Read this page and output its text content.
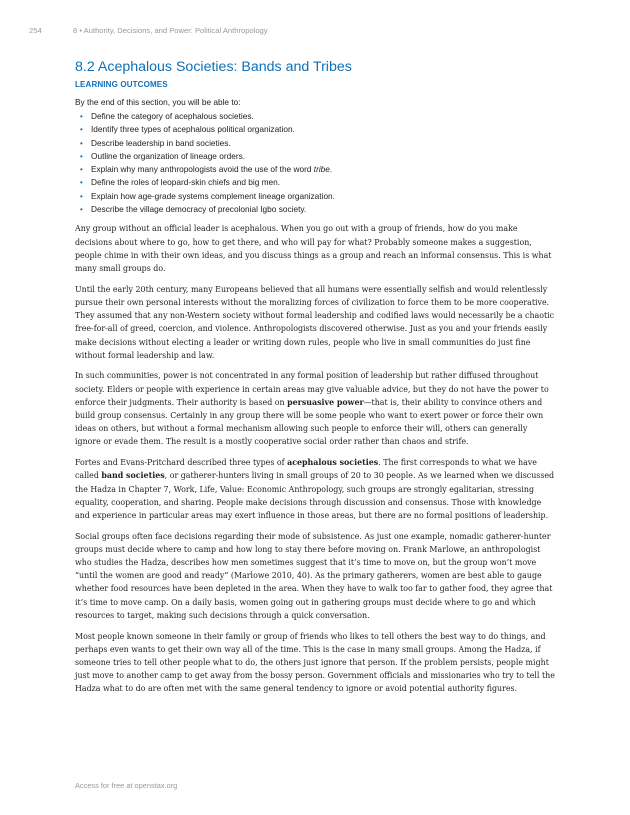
254	8 • Authority, Decisions, and Power: Political Anthropology
8.2 Acephalous Societies: Bands and Tribes
LEARNING OUTCOMES

By the end of this section, you will be able to:

• Define the category of acephalous societies.
• Identify three types of acephalous political organization.
• Describe leadership in band societies.
• Outline the organization of lineage orders.
• Explain why many anthropologists avoid the use of the word tribe.
• Define the roles of leopard-skin chiefs and big men.
• Explain how age-grade systems complement lineage organization.
• Describe the village democracy of precolonial Igbo society.

Any group without an official leader is acephalous. When you go out with a group of friends, how do you make decisions about where to go, how to get there, and who will pay for what? Probably someone makes a suggestion, people chime in with their own ideas, and you discuss things as a group and reach an informal consensus. This is what many small groups do.

Until the early 20th century, many Europeans believed that all humans were essentially selfish and would relentlessly pursue their own personal interests without the moralizing forces of civilization to force them to be more cooperative. They assumed that any non-Western society without formal leadership and codified laws would necessarily be a chaotic free-for-all of greed, coercion, and violence. Anthropologists discovered otherwise. Just as you and your friends easily make decisions without electing a leader or writing down rules, people who live in small communities do just fine without formal leadership and law.

In such communities, power is not concentrated in any formal position of leadership but rather diffused throughout society. Elders or people with experience in certain areas may give valuable advice, but they do not have the power to enforce their judgments. Their authority is based on persuasive power—that is, their ability to convince others and build group consensus. Certainly in any group there will be some people who want to exert power or force their own ideas on others, but without a formal mechanism allowing such people to enforce their will, others can generally ignore or evade them. The result is a mostly cooperative social order rather than chaos and strife.

Fortes and Evans-Pritchard described three types of acephalous societies. The first corresponds to what we have called band societies, or gatherer-hunters living in small groups of 20 to 30 people. As we learned when we discussed the Hadza in Chapter 7, Work, Life, Value: Economic Anthropology, such groups are strongly egalitarian, stressing equality, cooperation, and sharing. People make decisions through discussion and consensus. Those with knowledge and experience in particular areas may exert influence in those areas, but there are no formal positions of leadership.

Social groups often face decisions regarding their mode of subsistence. As just one example, nomadic gatherer-hunter groups must decide where to camp and how long to stay there before moving on. Frank Marlowe, an anthropologist who studies the Hadza, describes how men sometimes suggest that it’s time to move on, but the group won’t move “until the women are good and ready” (Marlowe 2010, 40). As the primary gatherers, women are best able to gauge whether food resources have been depleted in the area. When they have to walk too far to gather food, they agree that it’s time to move camp. On a daily basis, women going out in gathering groups must decide where to go and which resources to target, making such decisions through a quick conversation.

Most people known someone in their family or group of friends who likes to tell others the best way to do things, and perhaps even wants to get their own way all of the time. This is the case in many small groups. Among the Hadza, if someone tries to tell other people what to do, the others just ignore that person. If the problem persists, people might just move to another camp to get away from the bossy person. Government officials and missionaries who try to tell the Hadza what to do are often met with the same general tendency to ignore or avoid potential authority figures.

Access for free at openstax.org
